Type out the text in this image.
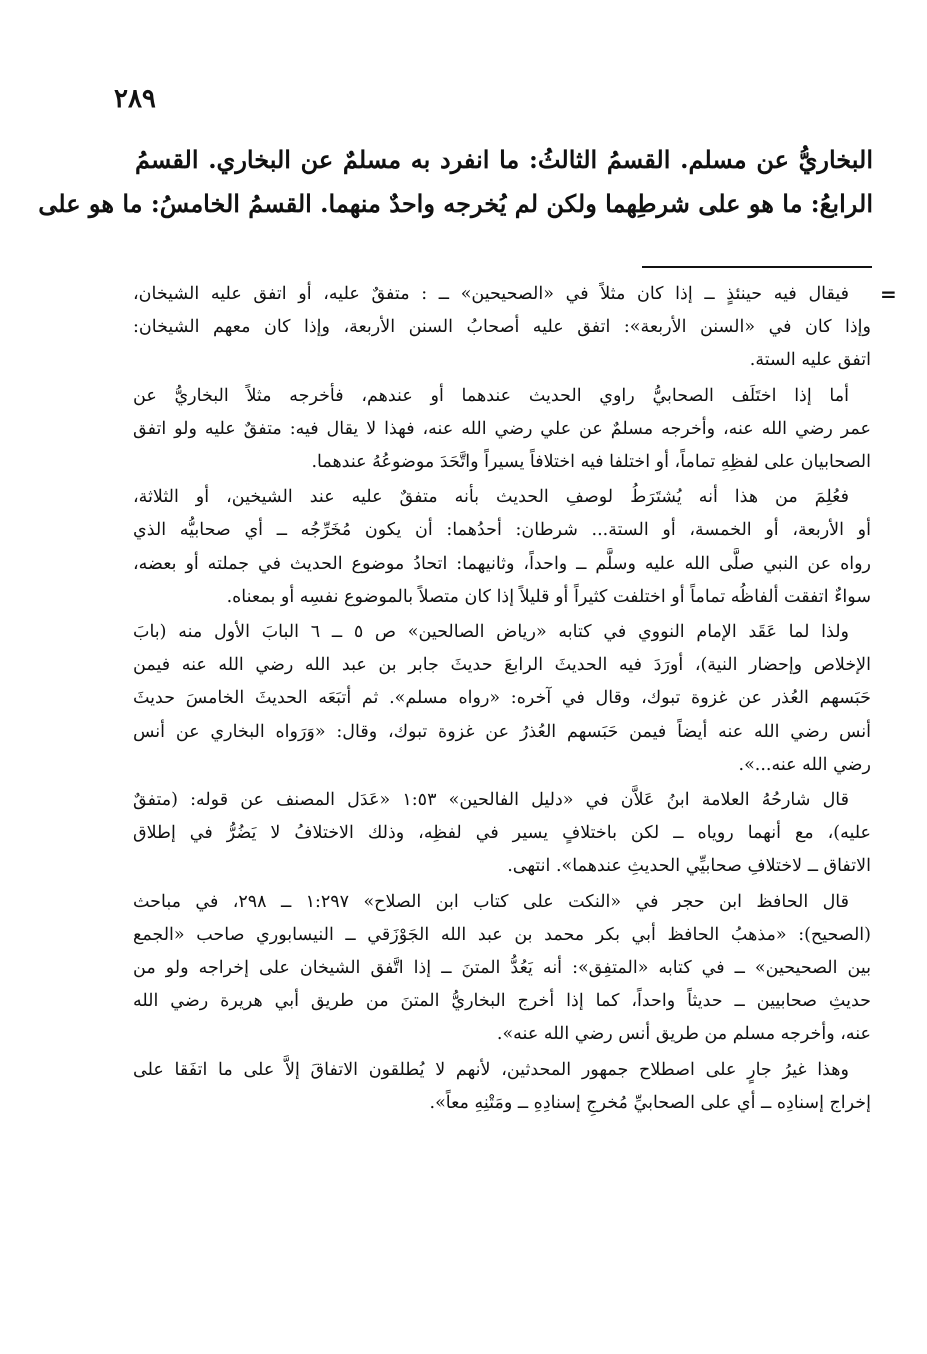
٢٨٩
البخاريُّ عن مسلم. القسمُ الثالثُ: ما انفرد به مسلمٌ عن البخاري. القسمُ
الرابعُ: ما هو على شرطِهما ولكن لم يُخرجه واحدٌ منهما. القسمُ الخامسُ: ما هو على
=

فيقال فيه حينئذٍ ــ إذا كان مثلاً في «الصحيحين» ــ : متفقٌ عليه، أو اتفق عليه الشيخان،
وإذا كان في «السنن الأربعة»: اتفق عليه أصحابُ السنن الأربعة، وإذا كان معهم الشيخان:
اتفق عليه الستة.

أما إذا اختَلَف الصحابيُّ راوي الحديث عندهما أو عندهم، فأخرجه مثلاً البخاريُّ عن
عمر رضي الله عنه، وأخرجه مسلمٌ عن علي رضي الله عنه، فهذا لا يقال فيه: متفقٌ عليه ولو اتفق
الصحابيان على لفظِهِ تماماً، أو اختلفا فيه اختلافاً يسيراً واتَّحَدَ موضوعُهُ عندهما.

فعُلِمَ من هذا أنه يُشتَرَطُ لوصفِ الحديث بأنه متفقٌ عليه عند الشيخين، أو الثلاثة،
أو الأربعة، أو الخمسة، أو الستة... شرطان: أحدُهما: أن يكون مُخَرِّجُه ــ أي صحابيُّه الذي
رواه عن النبي صلَّى الله عليه وسلَّم ــ واحداً، وثانيهما: اتحادُ موضوع الحديث في جملته أو بعضه،
سواءٌ اتفقت ألفاظُه تماماً أو اختلفت كثيراً أو قليلاً إذا كان متصلاً بالموضوع نفسِه أو بمعناه.

ولذا لما عَقَد الإمام النووي في كتابه «رياض الصالحين» ص ٥ ــ ٦ البابَ الأول منه (بابَ
الإخلاص وإحضار النية)، أورَدَ فيه الحديثَ الرابعَ حديثَ جابر بن عبد الله رضي الله عنه فيمن
حَبَسهم العُذر عن غزوة تبوك، وقال في آخره: «رواه مسلم». ثم أتبَعَه الحديثَ الخامسَ حديثَ
أنس رضي الله عنه أيضاً فيمن حَبَسهم العُذرُ عن غزوة تبوك، وقال: «وَرَواه البخاري عن أنس
رضي الله عنه...».

قال شارحُهُ العلامة ابنُ عَلاَّن في «دليل الفالحين» ١:٥٣ «عَدَل المصنف عن قوله: (متفقٌ
عليه)، مع أنهما روياه ــ لكن باختلافٍ يسير في لفظِه، وذلك الاختلافُ لا يَضُرُّ في إطلاق
الاتفاق ــ لاختلافِ صحابيِّي الحديثِ عندهما». انتهى.

قال الحافظ ابن حجر في «النكت على كتاب ابن الصلاح» ١:٢٩٧ ــ ٢٩٨، في مباحث
(الصحيح): «مذهبُ الحافظ أبي بكر محمد بن عبد الله الجَوْزَقي ــ النيسابوري صاحب «الجمع
بين الصحيحين» ــ في كتابه «المتفِق»: أنه يَعُدُّ المتنَ ــ إذا اتَّفق الشيخان على إخراجه ولو من
حديثِ صحابيين ــ حديثاً واحداً، كما إذا أخرج البخاريُّ المتنَ من طريق أبي هريرة رضي الله
عنه، وأخرجه مسلم من طريق أنس رضي الله عنه».

وهذا غيرُ جارٍ على اصطلاح جمهور المحدثين، لأنهم لا يُطلقون الاتفاقَ إلاَّ على ما اتفَقا على
إخراج إسنادِه ــ أي على الصحابيِّ مُخرجِ إسنادِهِ ــ ومَتْنِهِ معاً».
